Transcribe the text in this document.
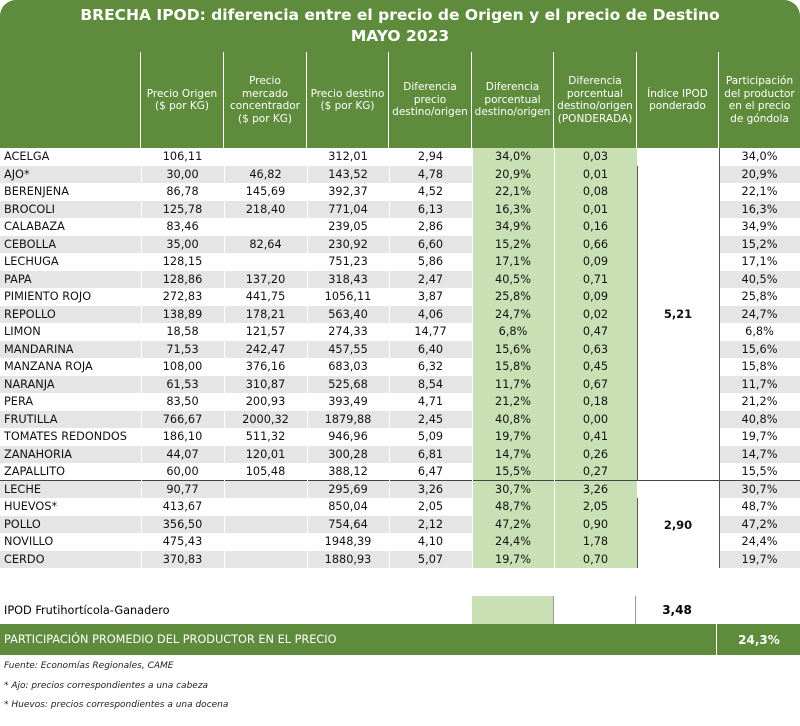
BRECHA IPOD: diferencia entre el precio de Origen y el precio de Destino
MAYO 2023
Precio Origen ($ por KG)
Precio mercado concentrador ($ por KG)
Precio destino ($ por KG)
Diferencia precio destino/origen
Diferencia porcentual destino/origen
Diferencia porcentual destino/origen (PONDERADA)
Índice IPOD ponderado
Participación del productor en el precio de góndola
ACELGA	106,11		312,01	2,94	34,0%	0,03	5,21	34,0%
AJO*	30,00	46,82	143,52	4,78	20,9%	0,01		20,9%
BERENJENA	86,78	145,69	392,37	4,52	22,1%	0,08		22,1%
BROCOLI	125,78	218,40	771,04	6,13	16,3%	0,01		16,3%
CALABAZA	83,46		239,05	2,86	34,9%	0,16		34,9%
CEBOLLA	35,00	82,64	230,92	6,60	15,2%	0,66		15,2%
LECHUGA	128,15		751,23	5,86	17,1%	0,09		17,1%
PAPA	128,86	137,20	318,43	2,47	40,5%	0,71		40,5%
PIMIENTO ROJO	272,83	441,75	1056,11	3,87	25,8%	0,09		25,8%
REPOLLO	138,89	178,21	563,40	4,06	24,7%	0,02		24,7%
LIMON	18,58	121,57	274,33	14,77	6,8%	0,47		6,8%
MANDARINA	71,53	242,47	457,55	6,40	15,6%	0,63		15,6%
MANZANA ROJA	108,00	376,16	683,03	6,32	15,8%	0,45		15,8%
NARANJA	61,53	310,87	525,68	8,54	11,7%	0,67		11,7%
PERA	83,50	200,93	393,49	4,71	21,2%	0,18		21,2%
FRUTILLA	766,67	2000,32	1879,88	2,45	40,8%	0,00		40,8%
TOMATES REDONDOS	186,10	511,32	946,96	5,09	19,7%	0,41		19,7%
ZANAHORIA	44,07	120,01	300,28	6,81	14,7%	0,26		14,7%
ZAPALLITO	60,00	105,48	388,12	6,47	15,5%	0,27		15,5%
LECHE	90,77		295,69	3,26	30,7%	3,26	2,90	30,7%
HUEVOS*	413,67		850,04	2,05	48,7%	2,05		48,7%
POLLO	356,50		754,64	2,12	47,2%	0,90		47,2%
NOVILLO	475,43		1948,39	4,10	24,4%	1,78		24,4%
CERDO	370,83		1880,93	5,07	19,7%	0,70		19,7%
IPOD Frutihortícola-Ganadero	3,48
PARTICIPACIÓN PROMEDIO DEL PRODUCTOR EN EL PRECIO	24,3%
Fuente: Economías Regionales, CAME
* Ajo: precios correspondientes a una cabeza
* Huevos: precios correspondientes a una docena
